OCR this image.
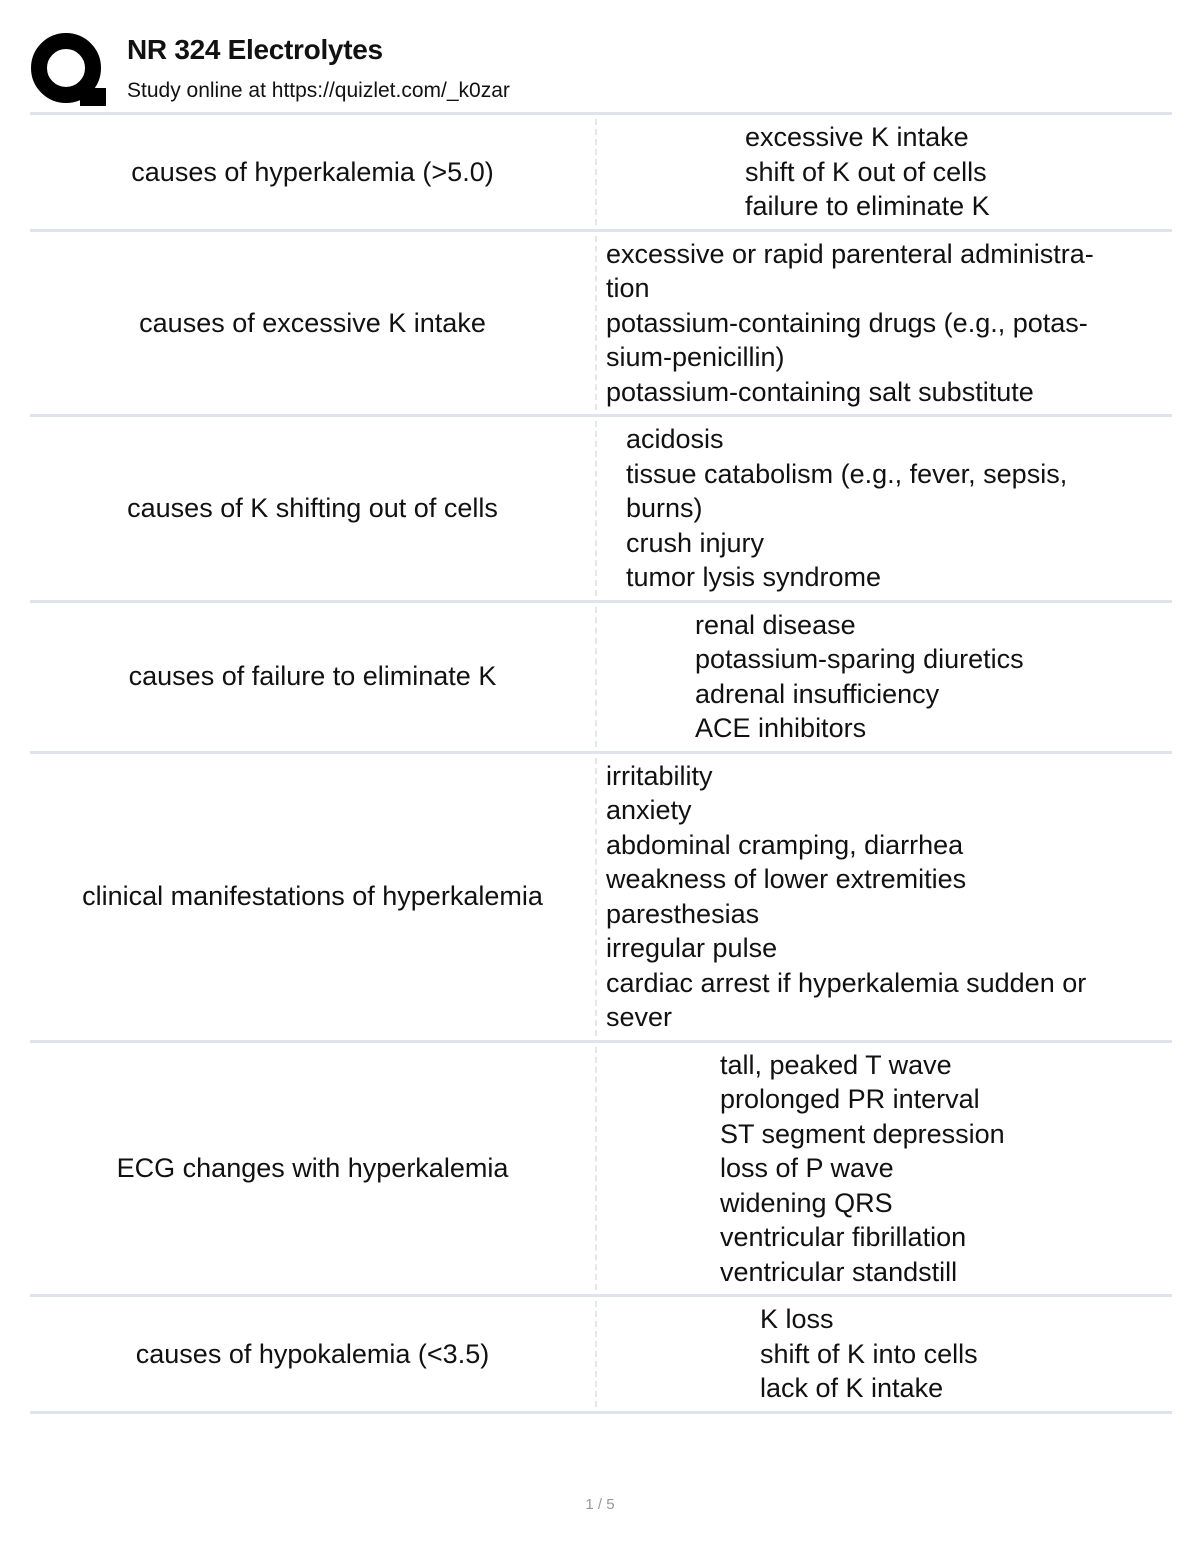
NR 324 Electrolytes
Study online at https://quizlet.com/_k0zar
causes of hyperkalemia (>5.0)
excessive K intake
shift of K out of cells
failure to eliminate K
causes of excessive K intake
excessive or rapid parenteral administra-
tion
potassium-containing drugs (e.g., potas-
sium-penicillin)
potassium-containing salt substitute
causes of K shifting out of cells
acidosis
tissue catabolism (e.g., fever, sepsis,
burns)
crush injury
tumor lysis syndrome
causes of failure to eliminate K
renal disease
potassium-sparing diuretics
adrenal insufficiency
ACE inhibitors
clinical manifestations of hyperkalemia
irritability
anxiety
abdominal cramping, diarrhea
weakness of lower extremities
paresthesias
irregular pulse
cardiac arrest if hyperkalemia sudden or
sever
ECG changes with hyperkalemia
tall, peaked T wave
prolonged PR interval
ST segment depression
loss of P wave
widening QRS
ventricular fibrillation
ventricular standstill
causes of hypokalemia (<3.5)
K loss
shift of K into cells
lack of K intake
1 / 5
